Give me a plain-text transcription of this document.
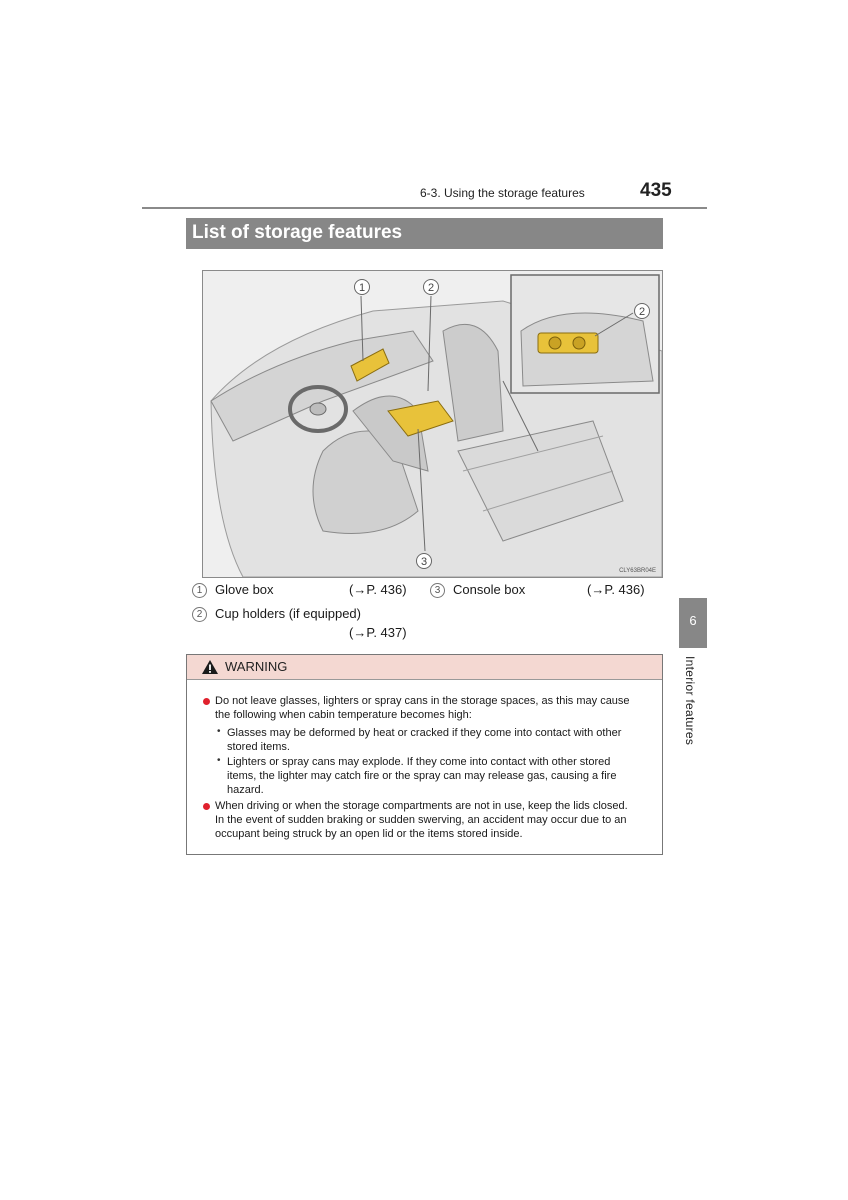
6-3. Using the storage features	435
List of storage features
CLY63BR04E
1	2
3
2
1 Glove box	(→P. 436)	3 Console box	(→P. 436)
2 Cup holders (if equipped)
(→P. 437)
6
Interior features
WARNING
Do not leave glasses, lighters or spray cans in the storage spaces, as this may cause
the following when cabin temperature becomes high:
• Glasses may be deformed by heat or cracked if they come into contact with other
stored items.
• Lighters or spray cans may explode. If they come into contact with other stored
items, the lighter may catch fire or the spray can may release gas, causing a fire
hazard.
When driving or when the storage compartments are not in use, keep the lids closed.
In the event of sudden braking or sudden swerving, an accident may occur due to an
occupant being struck by an open lid or the items stored inside.
